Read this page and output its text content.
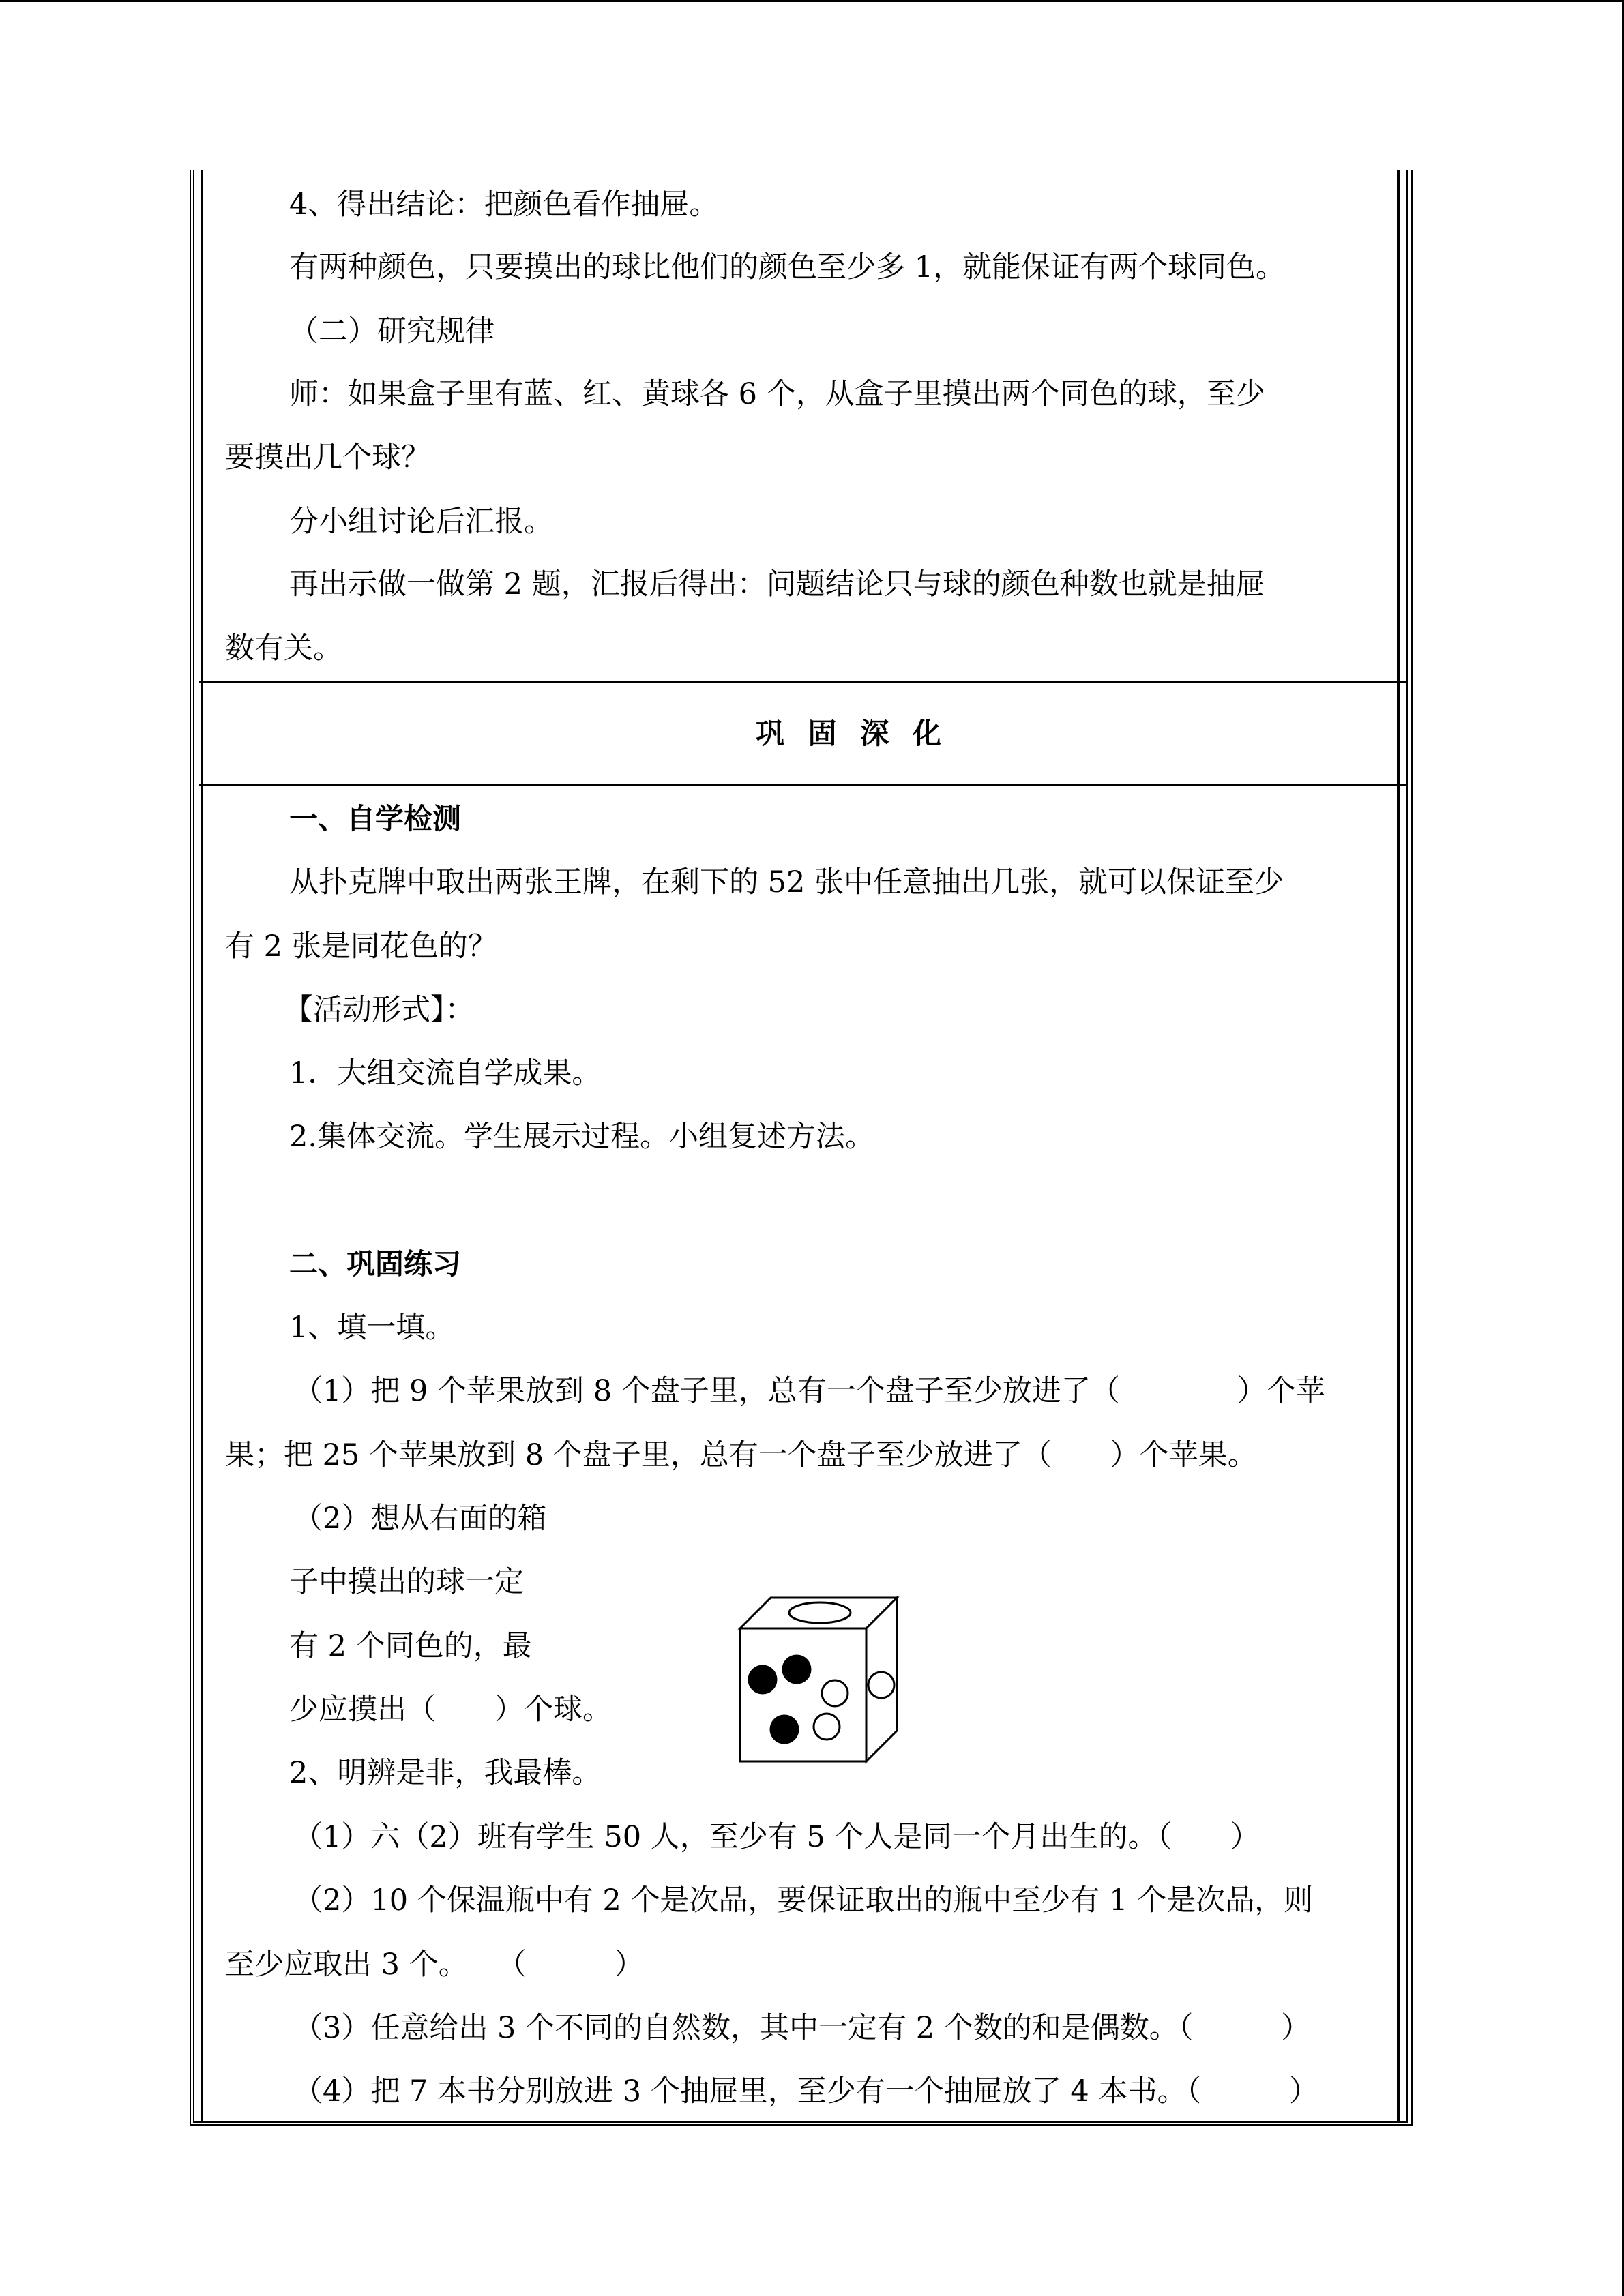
4、得出结论：把颜色看作抽屉。
有两种颜色，只要摸出的球比他们的颜色至少多 1，就能保证有两个球同色。
（二）研究规律
师：如果盒子里有蓝、红、黄球各 6 个，从盒子里摸出两个同色的球，至少
要摸出几个球？
分小组讨论后汇报。
再出示做一做第 2 题，汇报后得出：问题结论只与球的颜色种数也就是抽屉
数有关。
巩 固 深 化
一、自学检测
从扑克牌中取出两张王牌，在剩下的 52 张中任意抽出几张，就可以保证至少
有 2 张是同花色的？
【活动形式】：
1．大组交流自学成果。
2.集体交流。学生展示过程。小组复述方法。
二、巩固练习
1、填一填。
（1）把 9 个苹果放到 8 个盘子里，总有一个盘子至少放进了（　　　　）个苹
果；把 25 个苹果放到 8 个盘子里，总有一个盘子至少放进了（　　）个苹果。
（2）想从右面的箱
子中摸出的球一定
有 2 个同色的，最
少应摸出（　　）个球。
2、明辨是非，我最棒。
（1）六（2）班有学生 50 人，至少有 5 个人是同一个月出生的。（　　）
（2）10 个保温瓶中有 2 个是次品，要保证取出的瓶中至少有 1 个是次品，则
至少应取出 3 个。　　（　　　）
（3）任意给出 3 个不同的自然数，其中一定有 2 个数的和是偶数。（　　　）
（4）把 7 本书分别放进 3 个抽屉里，至少有一个抽屉放了 4 本书。（　　　）
